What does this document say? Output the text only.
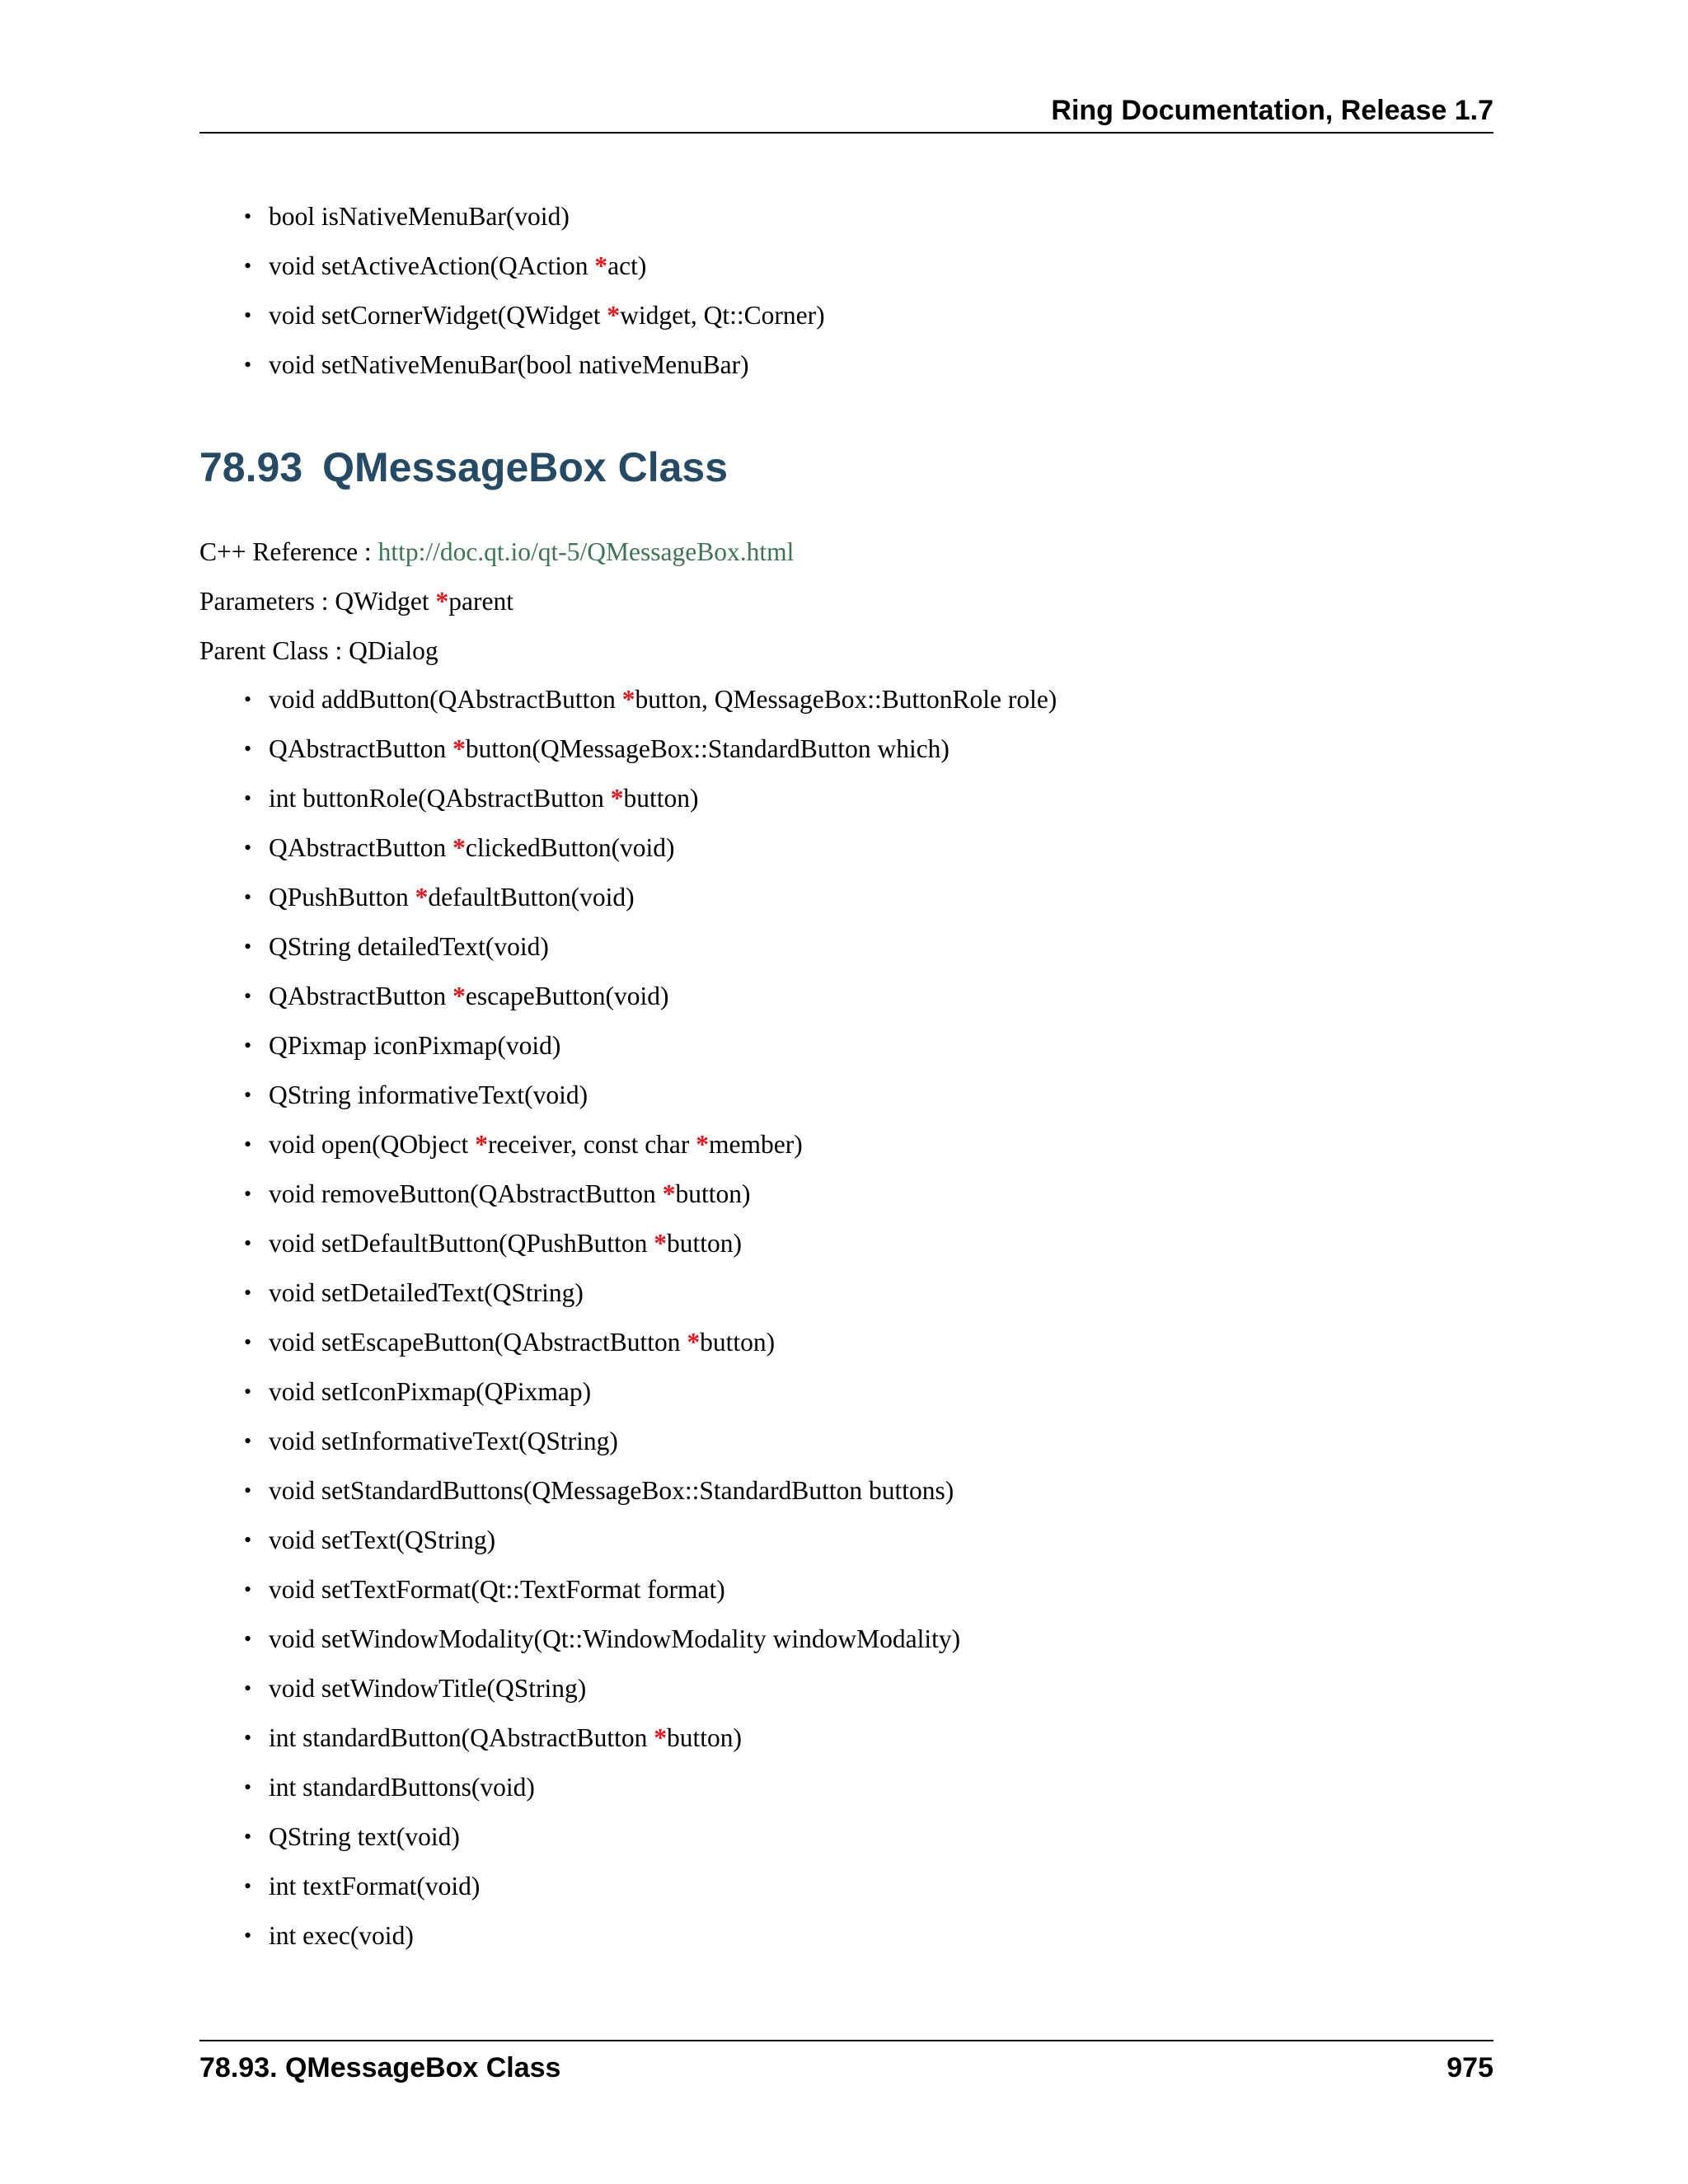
Ring Documentation, Release 1.7
• bool isNativeMenuBar(void)
• void setActiveAction(QAction *act)
• void setCornerWidget(QWidget *widget, Qt::Corner)
• void setNativeMenuBar(bool nativeMenuBar)
78.93 QMessageBox Class
C++ Reference : http://doc.qt.io/qt-5/QMessageBox.html
Parameters : QWidget *parent
Parent Class : QDialog
• void addButton(QAbstractButton *button, QMessageBox::ButtonRole role)
• QAbstractButton *button(QMessageBox::StandardButton which)
• int buttonRole(QAbstractButton *button)
• QAbstractButton *clickedButton(void)
• QPushButton *defaultButton(void)
• QString detailedText(void)
• QAbstractButton *escapeButton(void)
• QPixmap iconPixmap(void)
• QString informativeText(void)
• void open(QObject *receiver, const char *member)
• void removeButton(QAbstractButton *button)
• void setDefaultButton(QPushButton *button)
• void setDetailedText(QString)
• void setEscapeButton(QAbstractButton *button)
• void setIconPixmap(QPixmap)
• void setInformativeText(QString)
• void setStandardButtons(QMessageBox::StandardButton buttons)
• void setText(QString)
• void setTextFormat(Qt::TextFormat format)
• void setWindowModality(Qt::WindowModality windowModality)
• void setWindowTitle(QString)
• int standardButton(QAbstractButton *button)
• int standardButtons(void)
• QString text(void)
• int textFormat(void)
• int exec(void)
78.93. QMessageBox Class	975
